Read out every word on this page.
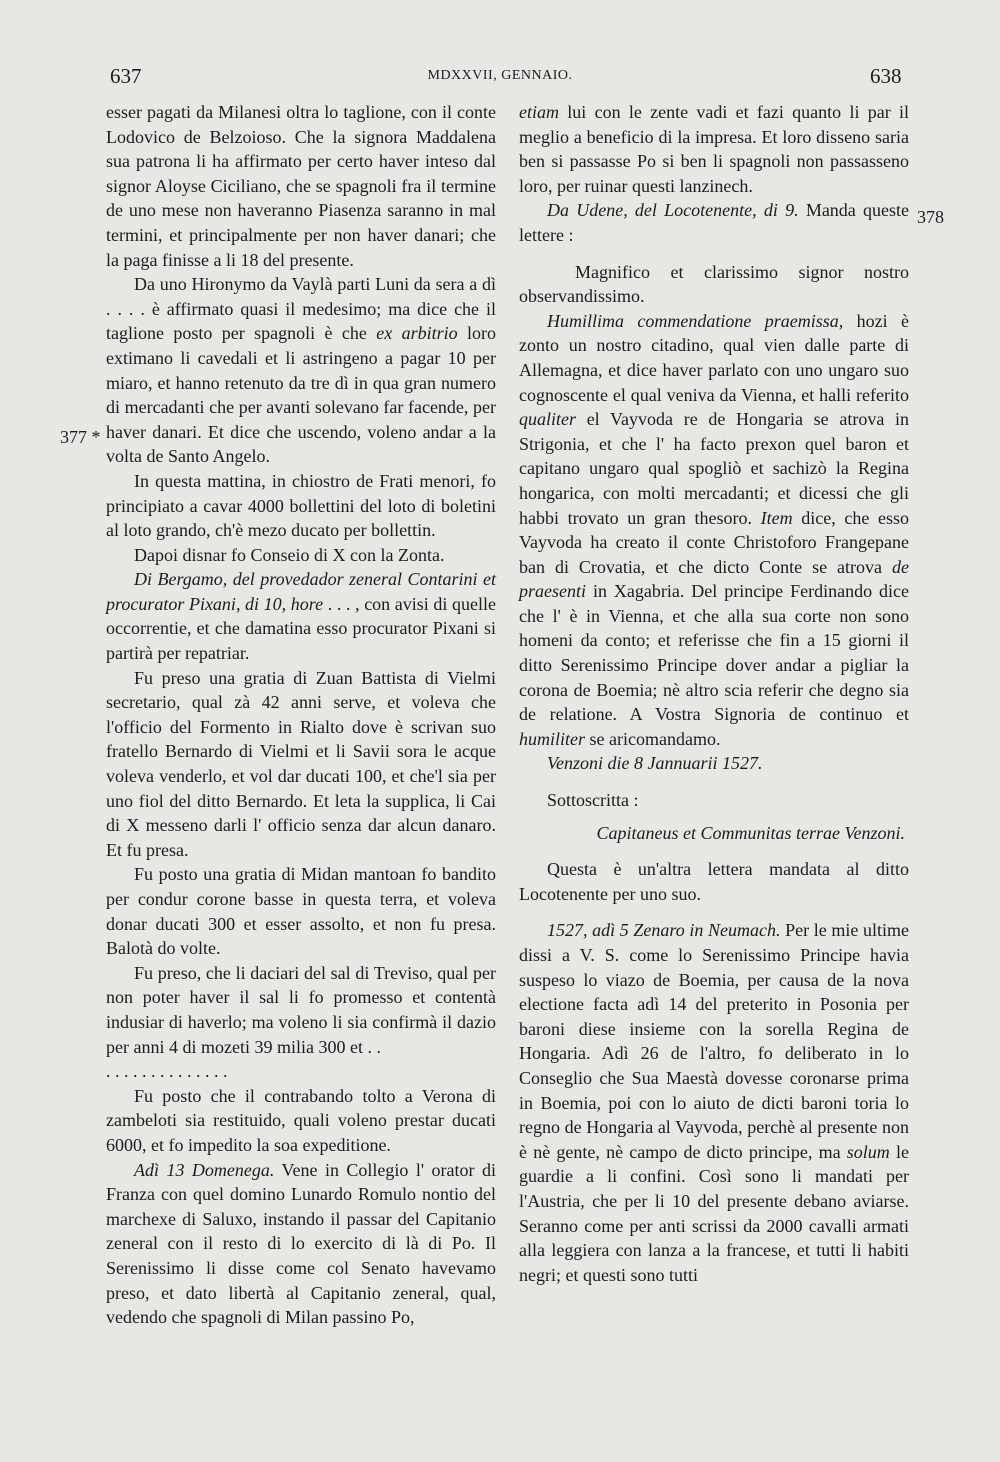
637	MDXXVII, GENNAIO.	638
377 *
378

esser pagati da Milanesi oltra lo taglione, con il conte Lodovico de Belzoioso. Che la signora Maddalena sua patrona li ha affirmato per certo haver inteso dal signor Aloyse Ciciliano, che se spagnoli fra il termine de uno mese non haveranno Piasenza saranno in mal termini, et principalmente per non haver danari; che la paga finisse a li 18 del presente.

Da uno Hironymo da Vaylà parti Luni da sera a dì . . . . è affirmato quasi il medesimo; ma dice che il taglione posto per spagnoli è che ex arbitrio loro extimano li cavedali et li astringeno a pagar 10 per miaro, et hanno retenuto da tre dì in qua gran numero di mercadanti che per avanti solevano far facende, per haver danari. Et dice che uscendo, voleno andar a la volta de Santo Angelo.

In questa mattina, in chiostro de Frati menori, fo principiato a cavar 4000 bollettini del loto di boletini al loto grando, ch'è mezo ducato per bollettin.

Dapoi disnar fo Conseio di X con la Zonta.

Di Bergamo, del provedador zeneral Contarini et procurator Pixani, di 10, hore . . . , con avisi di quelle occorrentie, et che damatina esso procurator Pixani si partirà per repatriar.

Fu preso una gratia di Zuan Battista di Vielmi secretario, qual zà 42 anni serve, et voleva che l'officio del Formento in Rialto dove è scrivan suo fratello Bernardo di Vielmi et li Savii sora le acque voleva venderlo, et vol dar ducati 100, et che'l sia per uno fiol del ditto Bernardo. Et leta la supplica, li Cai di X messeno darli l' officio senza dar alcun danaro. Et fu presa.

Fu posto una gratia di Midan mantoan fo bandito per condur corone basse in questa terra, et voleva donar ducati 300 et esser assolto, et non fu presa. Balotà do volte.

Fu preso, che li daciari del sal di Treviso, qual per non poter haver il sal li fo promesso et contentà indusiar di haverlo; ma voleno li sia confirmà il dazio per anni 4 di mozeti 39 milia 300 et . .

. . . . . . . . . . . . . .

Fu posto che il contrabando tolto a Verona di zambeloti sia restituido, quali voleno prestar ducati 6000, et fo impedito la soa expeditione.

Adì 13 Domenega. Vene in Collegio l' orator di Franza con quel domino Lunardo Romulo nontio del marchexe di Saluxo, instando il passar del Capitanio zeneral con il resto di lo exercito di là di Po. Il Serenissimo li disse come col Senato havevamo preso, et dato libertà al Capitanio zeneral, qual, vedendo che spagnoli di Milan passino Po,

etiam lui con le zente vadi et fazi quanto li par il meglio a beneficio di la impresa. Et loro disseno saria ben si passasse Po si ben li spagnoli non passasseno loro, per ruinar questi lanzinech.

Da Udene, del Locotenente, di 9. Manda queste lettere :

Magnifico et clarissimo signor nostro observandissimo.

Humillima commendatione praemissa, hozi è zonto un nostro citadino, qual vien dalle parte di Allemagna, et dice haver parlato con uno ungaro suo cognoscente el qual veniva da Vienna, et halli referito qualiter el Vayvoda re de Hongaria se atrova in Strigonia, et che l' ha facto prexon quel baron et capitano ungaro qual spogliò et sachizò la Regina hongarica, con molti mercadanti; et dicessi che gli habbi trovato un gran thesoro. Item dice, che esso Vayvoda ha creato il conte Christoforo Frangepane ban di Crovatia, et che dicto Conte se atrova de praesenti in Xagabria. Del principe Ferdinando dice che l' è in Vienna, et che alla sua corte non sono homeni da conto; et referisse che fin a 15 giorni il ditto Serenissimo Principe dover andar a pigliar la corona de Boemia; nè altro scia referir che degno sia de relatione. A Vostra Signoria de continuo et humiliter se aricomandamo.

Venzoni die 8 Jannuarii 1527.

Sottoscritta :

Capitaneus et Communitas terrae Venzoni.

Questa è un'altra lettera mandata al ditto Locotenente per uno suo.

1527, adì 5 Zenaro in Neumach. Per le mie ultime dissi a V. S. come lo Serenissimo Principe havia suspeso lo viazo de Boemia, per causa de la nova electione facta adì 14 del preterito in Posonia per baroni diese insieme con la sorella Regina de Hongaria. Adì 26 de l'altro, fo deliberato in lo Conseglio che Sua Maestà dovesse coronarse prima in Boemia, poi con lo aiuto de dicti baroni toria lo regno de Hongaria al Vayvoda, perchè al presente non è nè gente, nè campo de dicto principe, ma solum le guardie a li confini. Così sono li mandati per l'Austria, che per li 10 del presente debano aviarse. Seranno come per anti scrissi da 2000 cavalli armati alla leggiera con lanza a la francese, et tutti li habiti negri; et questi sono tutti
